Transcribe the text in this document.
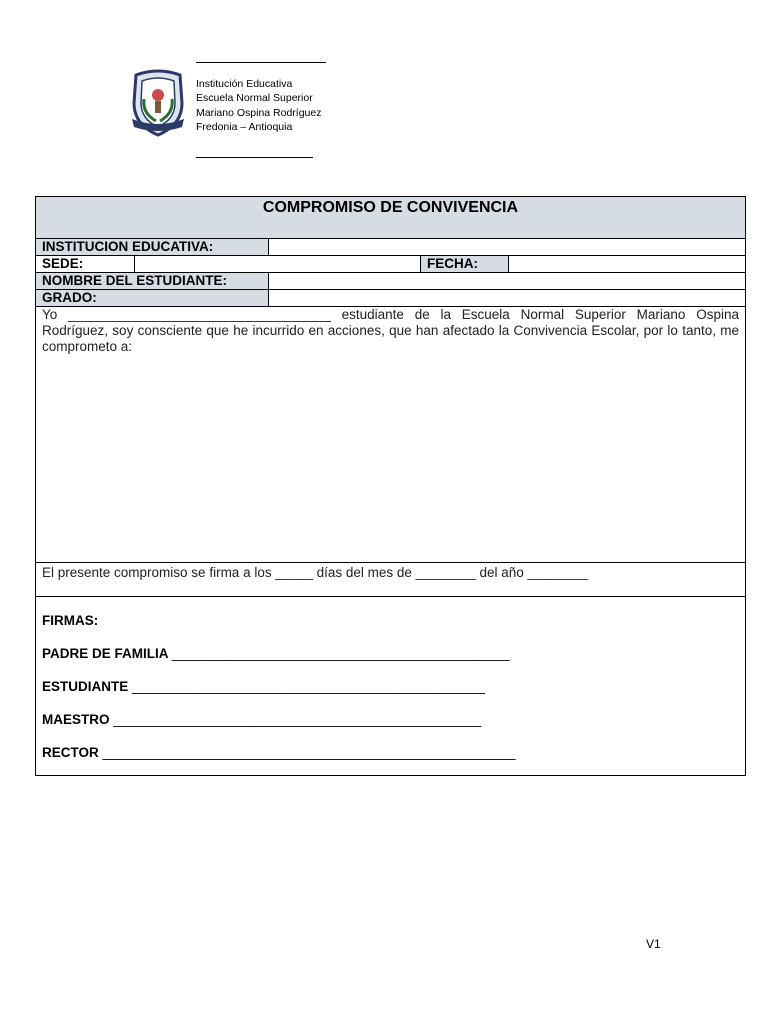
Institución Educativa
Escuela Normal Superior
Mariano Ospina Rodríguez
Fredonia – Antioquia
COMPROMISO DE CONVIVENCIA
INSTITUCION EDUCATIVA:
SEDE:	FECHA:
NOMBRE DEL ESTUDIANTE:
GRADO:
Yo ___________________________________ estudiante de la Escuela Normal Superior Mariano Ospina Rodríguez, soy consciente que he incurrido en acciones, que han afectado la Convivencia Escolar, por lo tanto, me comprometo a:
El presente compromiso se firma a los _____ días del mes de ________ del año ________
FIRMAS:
PADRE DE FAMILIA _____________________________________________
ESTUDIANTE _______________________________________________
MAESTRO _________________________________________________
RECTOR _______________________________________________________
V1
